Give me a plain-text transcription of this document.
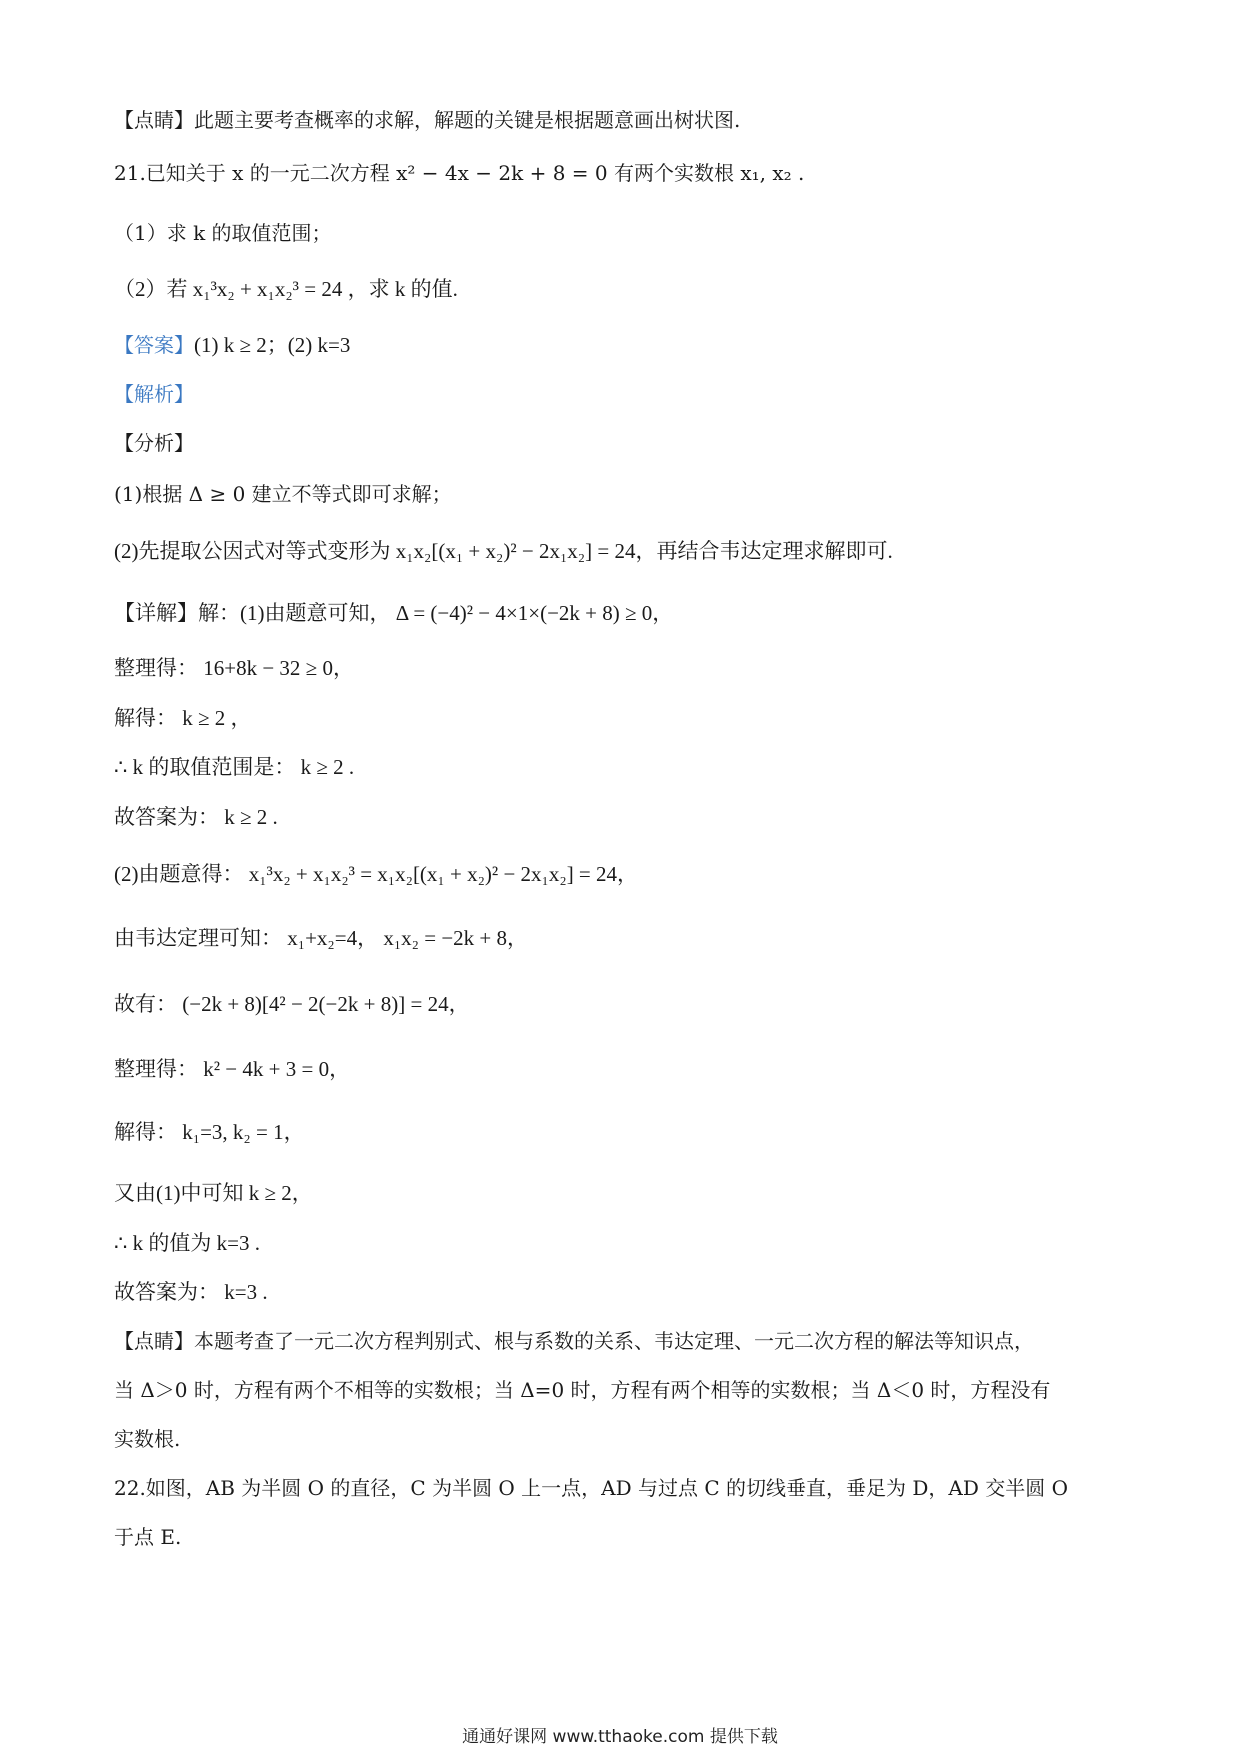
【点睛】此题主要考查概率的求解，解题的关键是根据题意画出树状图.
21.已知关于 x 的一元二次方程 x² − 4x − 2k + 8 = 0 有两个实数根 x₁, x₂ .
（1）求 k 的取值范围；
（2）若 x₁³x₂ + x₁x₂³ = 24 ，求 k 的值.
【答案】(1) k ≥ 2；(2) k=3
【解析】
【分析】
(1)根据 Δ ≥ 0 建立不等式即可求解；
(2)先提取公因式对等式变形为 x₁x₂[(x₁ + x₂)² − 2x₁x₂] = 24，再结合韦达定理求解即可.
【详解】解：(1)由题意可知， Δ = (−4)² − 4×1×(−2k + 8) ≥ 0，
整理得： 16+8k − 32 ≥ 0，
解得： k ≥ 2 ，
∴ k 的取值范围是： k ≥ 2 .
故答案为： k ≥ 2 .
(2)由题意得： x₁³x₂ + x₁x₂³ = x₁x₂[(x₁ + x₂)² − 2x₁x₂] = 24，
由韦达定理可知： x₁+x₂=4， x₁x₂ = −2k + 8，
故有： (−2k + 8)[4² − 2(−2k + 8)] = 24，
整理得： k² − 4k + 3 = 0，
解得： k₁=3, k₂ = 1，
又由(1)中可知 k ≥ 2，
∴ k 的值为 k=3 .
故答案为： k=3 .
【点睛】本题考查了一元二次方程判别式、根与系数的关系、韦达定理、一元二次方程的解法等知识点，
当 Δ＞0 时，方程有两个不相等的实数根；当 Δ=0 时，方程有两个相等的实数根；当 Δ＜0 时，方程没有
实数根.
22.如图，AB 为半圆 O 的直径，C 为半圆 O 上一点，AD 与过点 C 的切线垂直，垂足为 D，AD 交半圆 O
于点 E.
通通好课网 www.tthaoke.com 提供下载
